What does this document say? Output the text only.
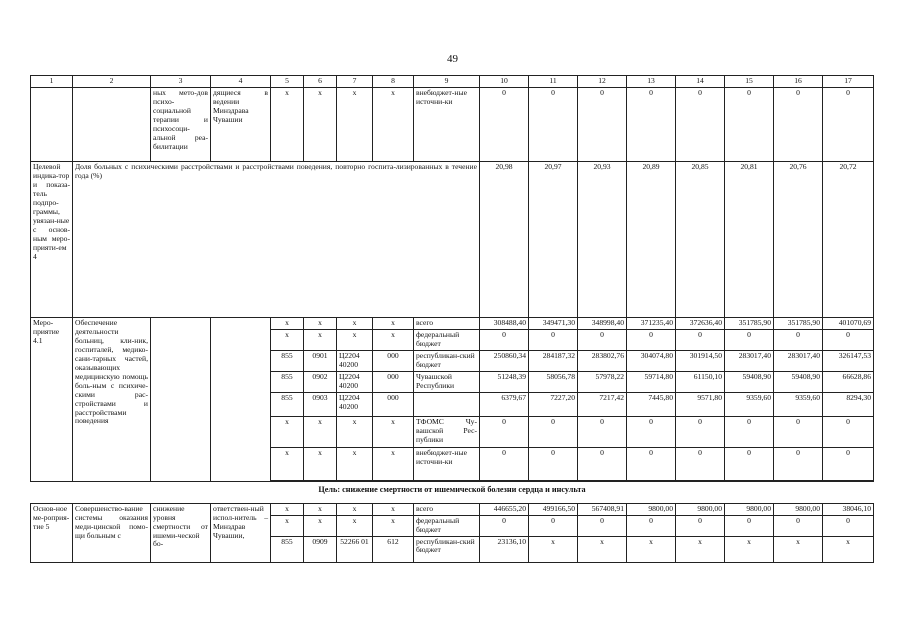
49
1	2	3	4	5	6	7	8	9	10	11	12	13	14	15	16	17
		ных мето-дов психо-социальной терапии и психосоци-альной реа-билитации	дящиеся в ведении Минздрава Чувашии	x	x	x	x	внебюджет-ные источни-ки	0	0	0	0	0	0	0	0
Целевой индика-тор и показа-тель подпро-граммы, увязан-ные с основ-ным меро-прияти-ем 4	Доля больных с психическими расстройствами и расстройствами поведения, повторно госпита-лизированных в течение года (%)								20,98	20,97	20,93	20,89	20,85	20,81	20,76	20,72
Меро-приятие 4.1	Обеспечение деятельности больниц, кли-ник, госпиталей, медико-сани-тарных частей, оказывающих медицинскую помощь боль-ным с психиче-скими рас-стройствами и расстройствами поведения			x	x	x	x	всего	308488,40	349471,30	348998,40	371235,40	372636,40	351785,90	351785,90	401070,69
				x	x	x	x	федеральный бюджет	0	0	0	0	0	0	0	0
				855	0901	Ц2204 40200	000	республикан-ский бюджет	250860,34	284187,32	283802,76	304074,80	301914,50	283017,40	283017,40	326147,53
				855	0902	Ц2204 40200	000	Чувашской Республики	51248,39	58056,78	57978,22	59714,80	61150,10	59408,90	59408,90	66628,86
				855	0903	Ц2204 40200	000		6379,67	7227,20	7217,42	7445,80	9571,80	9359,60	9359,60	8294,30
				x	x	x	x	ТФОМС Чу-вашской Рес-публики	0	0	0	0	0	0	0	0
				x	x	x	x	внебюджет-ные источни-ки	0	0	0	0	0	0	0	0

Цель: снижение смертности от ишемической болезни сердца и инсульта																
Основ-ное ме-роприя-тие 5	Совершенство-вание системы оказания меди-цинской помо-щи больным с	снижение уровня смертности от ишеми-ческой бо-	ответствен-ный испол-нитель – Минздрав Чувашии,	x	x	x	x	всего	446655,20	499166,50	567408,91	9800,00	9800,00	9800,00	9800,00	38046,10
				x	x	x	x	федеральный бюджет	0	0	0	0	0	0	0	0
				855	0909	52266 01	612	республикан-ский бюджет	23136,10	x	x	x	x	x	x	x
